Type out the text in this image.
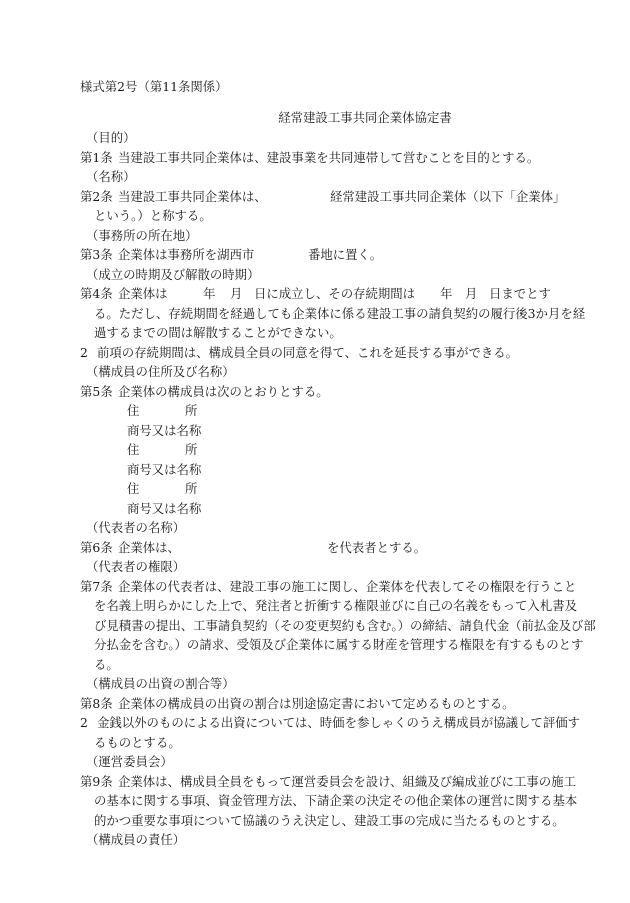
様式第2号（第11条関係）
経常建設工事共同企業体協定書
（目的）
第1条 当建設工事共同企業体は、建設事業を共同連帯して営むことを目的とする。
（名称）
第2条 当建設工事共同企業体は、	経常建設工事共同企業体（以下「企業体」
という。）と称する。
（事務所の所在地）
第3条 企業体は事務所を湖西市	番地に置く。
（成立の時期及び解散の時期）
第4条 企業体は	年 月 日に成立し、その存続期間は 年 月 日までとす
る。ただし、存続期間を経過しても企業体に係る建設工事の請負契約の履行後3か月を経
過するまでの間は解散することができない。
2 前項の存続期間は、構成員全員の同意を得て、これを延長する事ができる。
（構成員の住所及び名称）
第5条 企業体の構成員は次のとおりとする。
住	所
商号又は名称
住	所
商号又は名称
住	所
商号又は名称
（代表者の名称）
第6条 企業体は、	を代表者とする。
（代表者の権限）
第7条 企業体の代表者は、建設工事の施工に関し、企業体を代表してその権限を行うこと
を名義上明らかにした上で、発注者と折衝する権限並びに自己の名義をもって入札書及
び見積書の提出、工事請負契約（その変更契約も含む。）の締結、請負代金（前払金及び部
分払金を含む。）の請求、受領及び企業体に属する財産を管理する権限を有するものとす
る。
（構成員の出資の割合等）
第8条 企業体の構成員の出資の割合は別途協定書において定めるものとする。
2 金銭以外のものによる出資については、時価を参しゃくのうえ構成員が協議して評価す
るものとする。
（運営委員会）
第9条 企業体は、構成員全員をもって運営委員会を設け、組織及び編成並びに工事の施工
の基本に関する事項、資金管理方法、下請企業の決定その他企業体の運営に関する基本
的かつ重要な事項について協議のうえ決定し、建設工事の完成に当たるものとする。
（構成員の責任）
